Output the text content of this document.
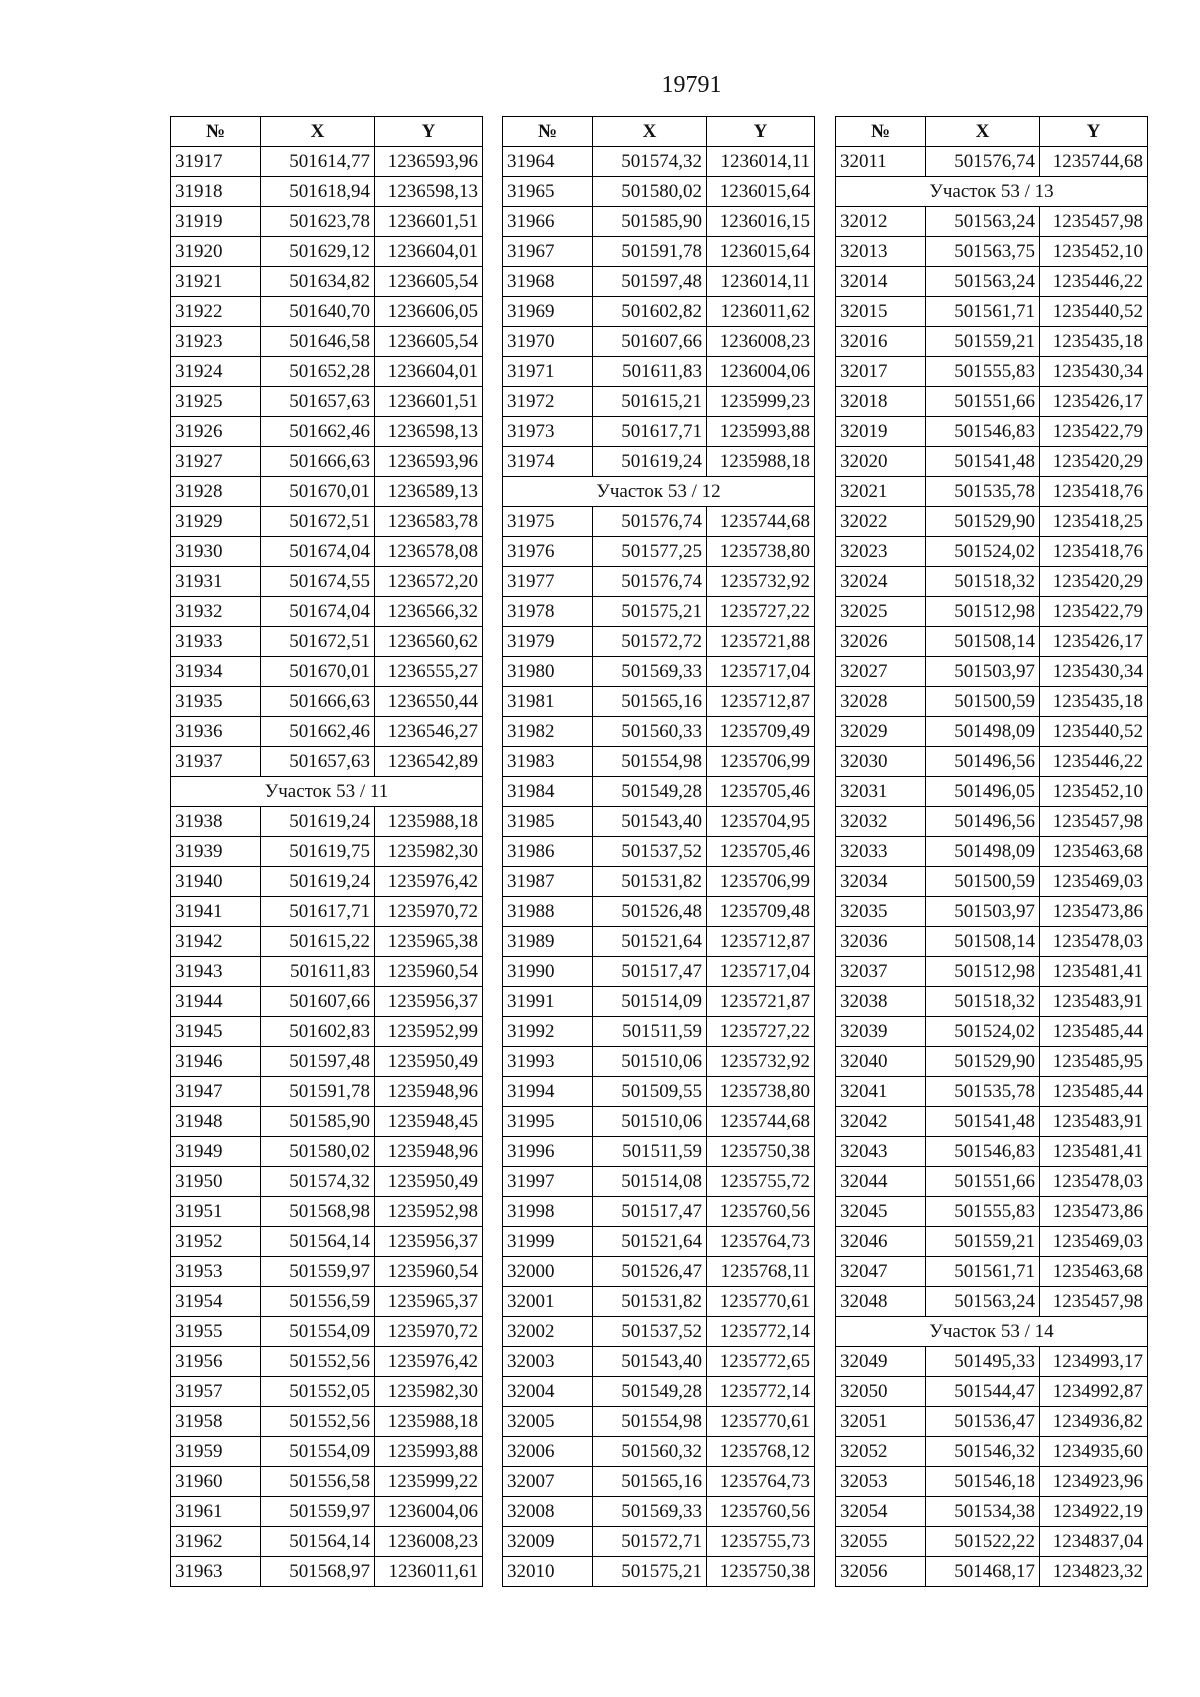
19791
№	X	Y
31917	501614,77	1236593,96
31918	501618,94	1236598,13
31919	501623,78	1236601,51
31920	501629,12	1236604,01
31921	501634,82	1236605,54
31922	501640,70	1236606,05
31923	501646,58	1236605,54
31924	501652,28	1236604,01
31925	501657,63	1236601,51
31926	501662,46	1236598,13
31927	501666,63	1236593,96
31928	501670,01	1236589,13
31929	501672,51	1236583,78
31930	501674,04	1236578,08
31931	501674,55	1236572,20
31932	501674,04	1236566,32
31933	501672,51	1236560,62
31934	501670,01	1236555,27
31935	501666,63	1236550,44
31936	501662,46	1236546,27
31937	501657,63	1236542,89
Участок 53 / 11		
31938	501619,24	1235988,18
31939	501619,75	1235982,30
31940	501619,24	1235976,42
31941	501617,71	1235970,72
31942	501615,22	1235965,38
31943	501611,83	1235960,54
31944	501607,66	1235956,37
31945	501602,83	1235952,99
31946	501597,48	1235950,49
31947	501591,78	1235948,96
31948	501585,90	1235948,45
31949	501580,02	1235948,96
31950	501574,32	1235950,49
31951	501568,98	1235952,98
31952	501564,14	1235956,37
31953	501559,97	1235960,54
31954	501556,59	1235965,37
31955	501554,09	1235970,72
31956	501552,56	1235976,42
31957	501552,05	1235982,30
31958	501552,56	1235988,18
31959	501554,09	1235993,88
31960	501556,58	1235999,22
31961	501559,97	1236004,06
31962	501564,14	1236008,23
31963	501568,97	1236011,61
№	X	Y
31964	501574,32	1236014,11
31965	501580,02	1236015,64
31966	501585,90	1236016,15
31967	501591,78	1236015,64
31968	501597,48	1236014,11
31969	501602,82	1236011,62
31970	501607,66	1236008,23
31971	501611,83	1236004,06
31972	501615,21	1235999,23
31973	501617,71	1235993,88
31974	501619,24	1235988,18
Участок 53 / 12		
31975	501576,74	1235744,68
31976	501577,25	1235738,80
31977	501576,74	1235732,92
31978	501575,21	1235727,22
31979	501572,72	1235721,88
31980	501569,33	1235717,04
31981	501565,16	1235712,87
31982	501560,33	1235709,49
31983	501554,98	1235706,99
31984	501549,28	1235705,46
31985	501543,40	1235704,95
31986	501537,52	1235705,46
31987	501531,82	1235706,99
31988	501526,48	1235709,48
31989	501521,64	1235712,87
31990	501517,47	1235717,04
31991	501514,09	1235721,87
31992	501511,59	1235727,22
31993	501510,06	1235732,92
31994	501509,55	1235738,80
31995	501510,06	1235744,68
31996	501511,59	1235750,38
31997	501514,08	1235755,72
31998	501517,47	1235760,56
31999	501521,64	1235764,73
32000	501526,47	1235768,11
32001	501531,82	1235770,61
32002	501537,52	1235772,14
32003	501543,40	1235772,65
32004	501549,28	1235772,14
32005	501554,98	1235770,61
32006	501560,32	1235768,12
32007	501565,16	1235764,73
32008	501569,33	1235760,56
32009	501572,71	1235755,73
32010	501575,21	1235750,38
№	X	Y
32011	501576,74	1235744,68
Участок 53 / 13		
32012	501563,24	1235457,98
32013	501563,75	1235452,10
32014	501563,24	1235446,22
32015	501561,71	1235440,52
32016	501559,21	1235435,18
32017	501555,83	1235430,34
32018	501551,66	1235426,17
32019	501546,83	1235422,79
32020	501541,48	1235420,29
32021	501535,78	1235418,76
32022	501529,90	1235418,25
32023	501524,02	1235418,76
32024	501518,32	1235420,29
32025	501512,98	1235422,79
32026	501508,14	1235426,17
32027	501503,97	1235430,34
32028	501500,59	1235435,18
32029	501498,09	1235440,52
32030	501496,56	1235446,22
32031	501496,05	1235452,10
32032	501496,56	1235457,98
32033	501498,09	1235463,68
32034	501500,59	1235469,03
32035	501503,97	1235473,86
32036	501508,14	1235478,03
32037	501512,98	1235481,41
32038	501518,32	1235483,91
32039	501524,02	1235485,44
32040	501529,90	1235485,95
32041	501535,78	1235485,44
32042	501541,48	1235483,91
32043	501546,83	1235481,41
32044	501551,66	1235478,03
32045	501555,83	1235473,86
32046	501559,21	1235469,03
32047	501561,71	1235463,68
32048	501563,24	1235457,98
Участок 53 / 14		
32049	501495,33	1234993,17
32050	501544,47	1234992,87
32051	501536,47	1234936,82
32052	501546,32	1234935,60
32053	501546,18	1234923,96
32054	501534,38	1234922,19
32055	501522,22	1234837,04
32056	501468,17	1234823,32
